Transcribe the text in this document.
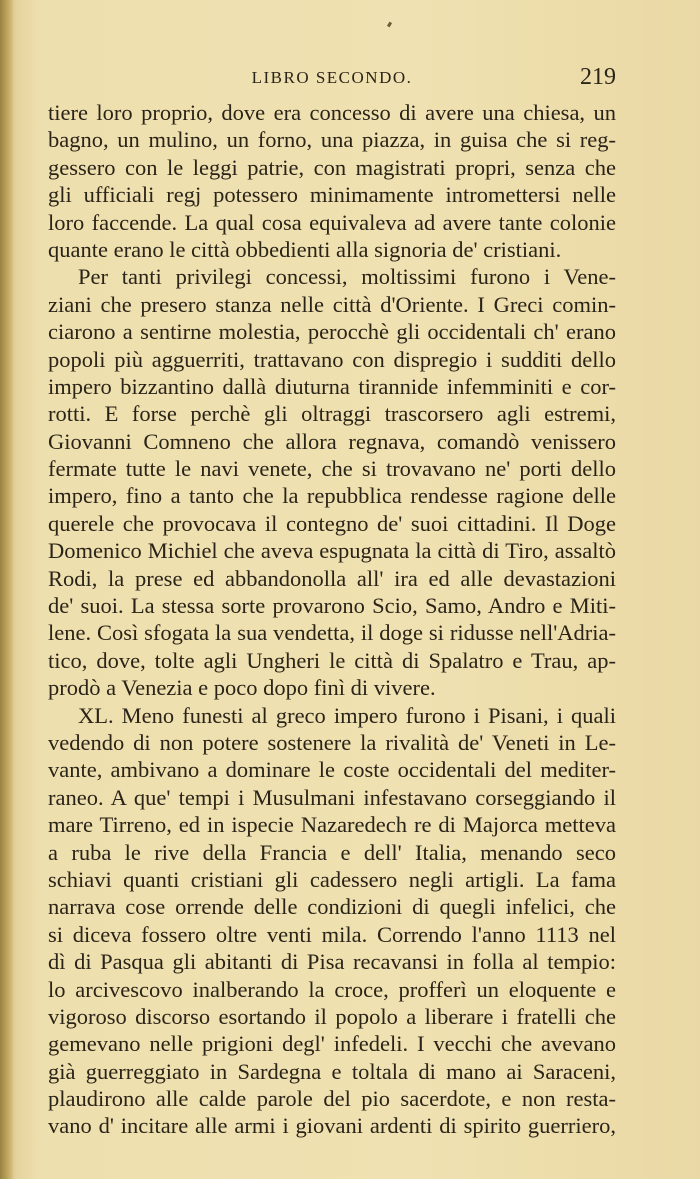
LIBRO SECONDO.	219
tiere loro proprio, dove era concesso di avere una chiesa, un
bagno, un mulino, un forno, una piazza, in guisa che si reg-
gessero con le leggi patrie, con magistrati propri, senza che
gli ufficiali regj potessero minimamente intromettersi nelle
loro faccende. La qual cosa equivaleva ad avere tante colonie
quante erano le città obbedienti alla signoria de' cristiani.
Per tanti privilegi concessi, moltissimi furono i Vene-
ziani che presero stanza nelle città d'Oriente. I Greci comin-
ciarono a sentirne molestia, perocchè gli occidentali ch' erano
popoli più agguerriti, trattavano con dispregio i sudditi dello
impero bizzantino dallà diuturna tirannide infemminiti e cor-
rotti. E forse perchè gli oltraggi trascorsero agli estremi,
Giovanni Comneno che allora regnava, comandò venissero
fermate tutte le navi venete, che si trovavano ne' porti dello
impero, fino a tanto che la repubblica rendesse ragione delle
querele che provocava il contegno de' suoi cittadini. Il Doge
Domenico Michiel che aveva espugnata la città di Tiro, assaltò
Rodi, la prese ed abbandonolla all' ira ed alle devastazioni
de' suoi. La stessa sorte provarono Scio, Samo, Andro e Miti-
lene. Così sfogata la sua vendetta, il doge si ridusse nell'Adria-
tico, dove, tolte agli Ungheri le città di Spalatro e Trau, ap-
prodò a Venezia e poco dopo finì di vivere.
XL. Meno funesti al greco impero furono i Pisani, i quali
vedendo di non potere sostenere la rivalità de' Veneti in Le-
vante, ambivano a dominare le coste occidentali del mediter-
raneo. A que' tempi i Musulmani infestavano corseggiando il
mare Tirreno, ed in ispecie Nazaredech re di Majorca metteva
a ruba le rive della Francia e dell' Italia, menando seco
schiavi quanti cristiani gli cadessero negli artigli. La fama
narrava cose orrende delle condizioni di quegli infelici, che
si diceva fossero oltre venti mila. Correndo l'anno 1113 nel
dì di Pasqua gli abitanti di Pisa recavansi in folla al tempio:
lo arcivescovo inalberando la croce, profferì un eloquente e
vigoroso discorso esortando il popolo a liberare i fratelli che
gemevano nelle prigioni degl' infedeli. I vecchi che avevano
già guerreggiato in Sardegna e toltala di mano ai Saraceni,
plaudirono alle calde parole del pio sacerdote, e non resta-
vano d' incitare alle armi i giovani ardenti di spirito guerriero,
